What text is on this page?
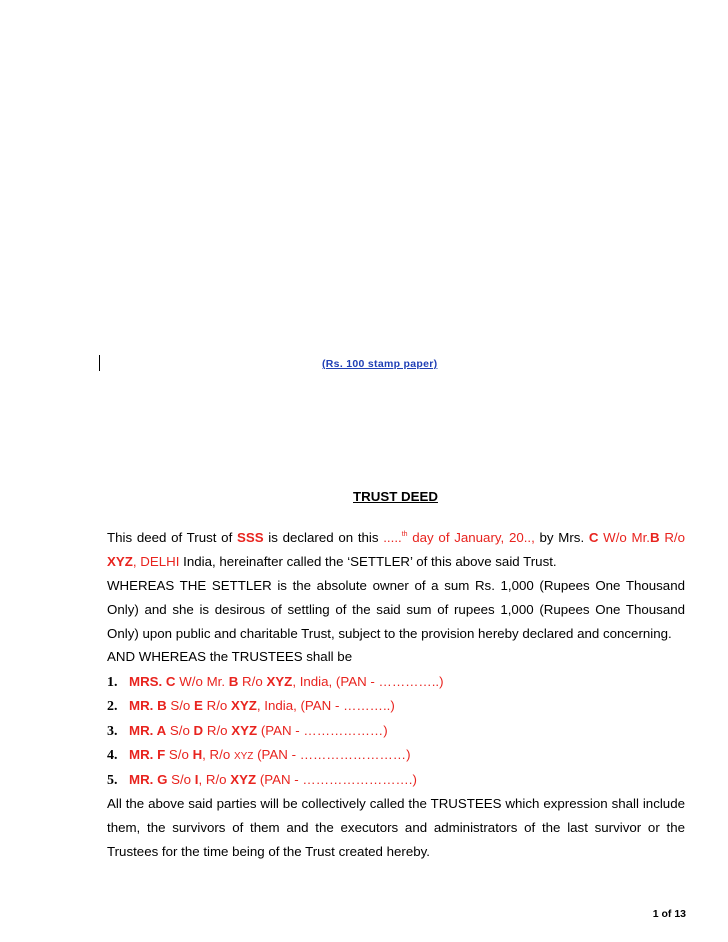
(Rs. 100 stamp paper)
TRUST DEED
This deed of Trust of SSS is declared on this .....$^{th}$ day of January, 20.., by Mrs. C W/o Mr.B R/o XYZ, DELHI India, hereinafter called the ‘SETTLER’ of this above said Trust.
WHEREAS THE SETTLER is the absolute owner of a sum Rs. 1,000 (Rupees One Thousand Only) and she is desirous of settling of the said sum of rupees 1,000 (Rupees One Thousand Only) upon public and charitable Trust, subject to the provision hereby declared and concerning.
AND WHEREAS the TRUSTEES shall be
1. MRS. C W/o Mr. B R/o XYZ, India, (PAN - …………..)
2. MR. B S/o E R/o XYZ, India, (PAN - ………..)
3. MR. A S/o D R/o XYZ (PAN - ………………)
4. MR. F S/o H, R/o XYZ (PAN - ……………………)
5. MR. G S/o I, R/o XYZ (PAN - …………………….)
All the above said parties will be collectively called the TRUSTEES which expression shall include them, the survivors of them and the executors and administrators of the last survivor or the Trustees for the time being of the Trust created hereby.
1 of 13
